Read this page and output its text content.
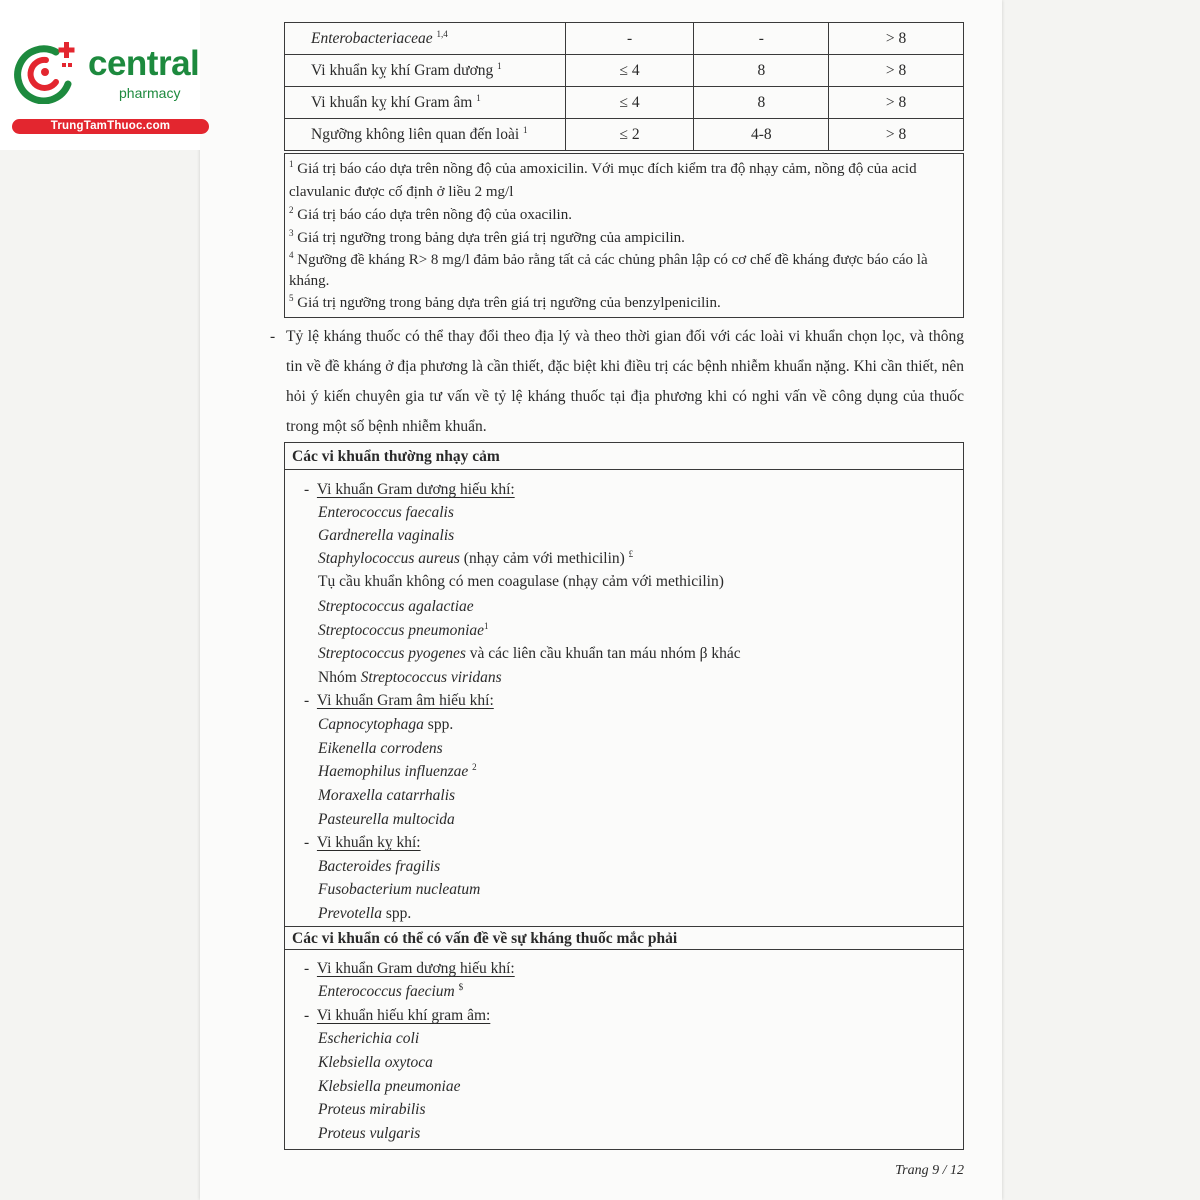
central
pharmacy
TrungTamThuoc.com
Enterobacteriaceae $^{1,4}$	-	-	> 8
Vi khuẩn kỵ khí Gram dương $^1$	≤ 4	8	> 8
Vi khuẩn kỵ khí Gram âm $^1$	≤ 4	8	> 8
Ngưỡng không liên quan đến loài $^1$	≤ 2	4-8	> 8

$^1$ Giá trị báo cáo dựa trên nồng độ của amoxicilin. Với mục đích kiểm tra độ nhạy cảm, nồng độ của acid clavulanic được cố định ở liều 2 mg/l

$^2$ Giá trị báo cáo dựa trên nồng độ của oxacilin.

$^3$ Giá trị ngưỡng trong bảng dựa trên giá trị ngưỡng của ampicilin.

$^4$ Ngưỡng đề kháng R> 8 mg/l đảm bảo rằng tất cả các chủng phân lập có cơ chế đề kháng được báo cáo là kháng.

$^5$ Giá trị ngưỡng trong bảng dựa trên giá trị ngưỡng của benzylpenicilin.

- Tỷ lệ kháng thuốc có thể thay đổi theo địa lý và theo thời gian đối với các loài vi khuẩn chọn lọc, và thông tin về đề kháng ở địa phương là cần thiết, đặc biệt khi điều trị các bệnh nhiễm khuẩn nặng. Khi cần thiết, nên hỏi ý kiến chuyên gia tư vấn về tỷ lệ kháng thuốc tại địa phương khi có nghi vấn về công dụng của thuốc trong một số bệnh nhiễm khuẩn.
Các vi khuẩn thường nhạy cảm
-  Vi khuẩn Gram dương hiếu khí:
Enterococcus faecalis
Gardnerella vaginalis
Staphylococcus aureus (nhạy cảm với methicilin) £
Tụ cầu khuẩn không có men coagulase (nhạy cảm với methicilin)
Streptococcus agalactiae
Streptococcus pneumoniae$^1$
Streptococcus pyogenes và các liên cầu khuẩn tan máu nhóm β khác
Nhóm Streptococcus viridans
-  Vi khuẩn Gram âm hiếu khí:
Capnocytophaga spp.
Eikenella corrodens
Haemophilus influenzae $^2$
Moraxella catarrhalis
Pasteurella multocida
-  Vi khuẩn kỵ khí:
Bacteroides fragilis
Fusobacterium nucleatum
Prevotella spp.
Các vi khuẩn có thể có vấn đề về sự kháng thuốc mắc phải
-  Vi khuẩn Gram dương hiếu khí:
Enterococcus faecium $
-  Vi khuẩn hiếu khí gram âm:
Escherichia coli
Klebsiella oxytoca
Klebsiella pneumoniae
Proteus mirabilis
Proteus vulgaris
Trang 9 / 12
